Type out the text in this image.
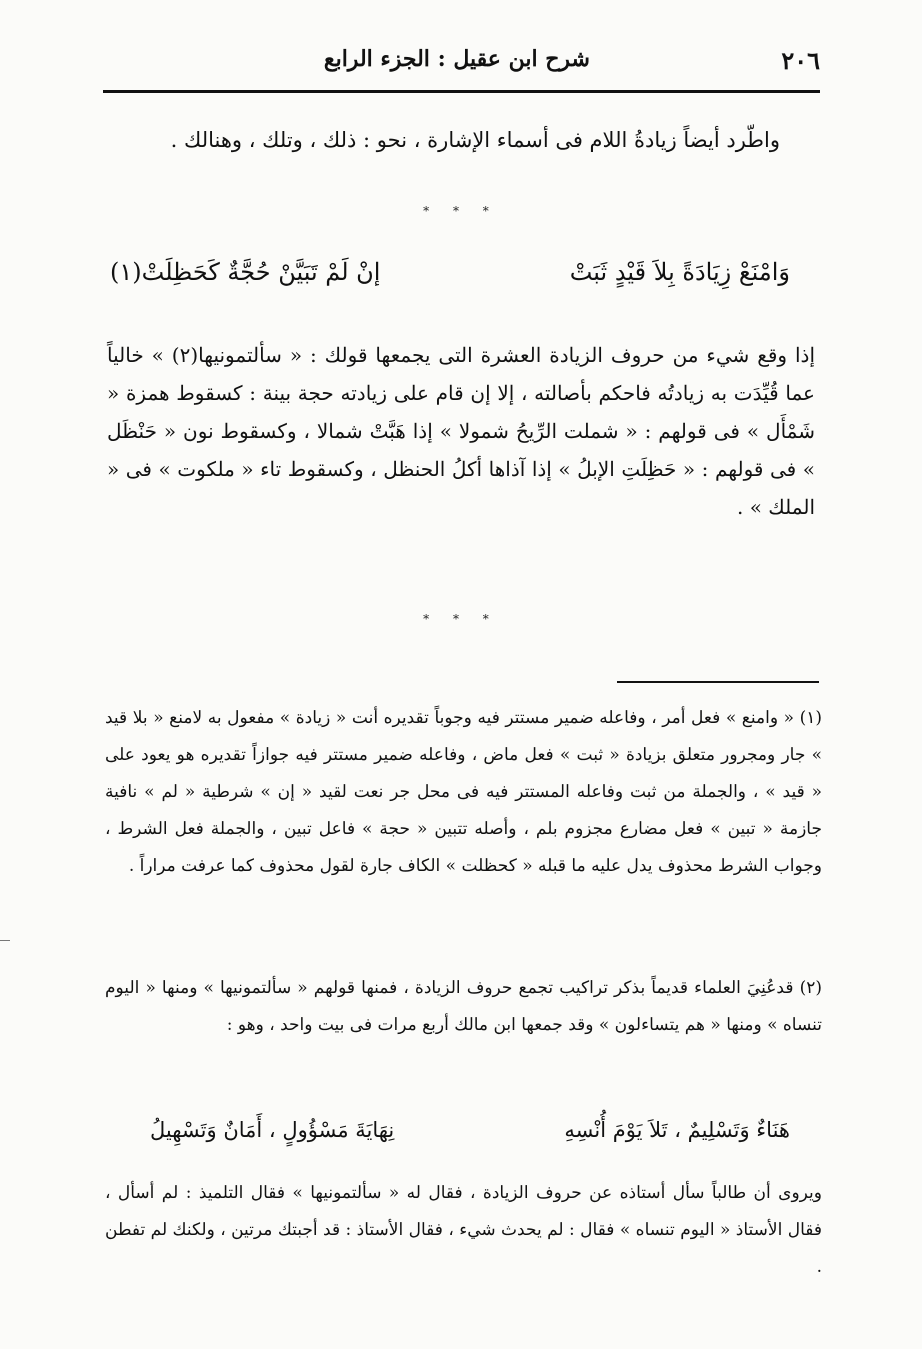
٢٠٦
شرح ابن عقيل : الجزء الرابع
واطّرد أيضاً زيادةُ اللام فى أسماء الإشارة ، نحو : ذلك ، وتلك ، وهنالك .
* * *
وَامْنَعْ زِيَادَةً بِلاَ قَيْدٍ ثَبَتْ
إنْ لَمْ تَبَيَّنْ حُجَّةٌ كَحَظِلَتْ(١)
إذا وقع شيء من حروف الزيادة العشرة التى يجمعها قولك : « سألتمونيها(٢) » خالياً عما قُيِّدَت به زيادتُه فاحكم بأصالته ، إلا إن قام على زيادته حجة بينة : كسقوط همزة « شَمْأَل » فى قولهم : « شملت الرِّيحُ شمولا » إذا هَبَّتْ شمالا ، وكسقوط نون « حَنْظَل » فى قولهم : « حَظِلَتِ الإبلُ » إذا آذاها أكلُ الحنظل ، وكسقوط تاء « ملكوت » فى « الملك » .
* * *
(١) « وامنع » فعل أمر ، وفاعله ضمير مستتر فيه وجوباً تقديره أنت « زيادة » مفعول به لامنع « بلا قيد » جار ومجرور متعلق بزيادة « ثبت » فعل ماض ، وفاعله ضمير مستتر فيه جوازاً تقديره هو يعود على « قيد » ، والجملة من ثبت وفاعله المستتر فيه فى محل جر نعت لقيد « إن » شرطية « لم » نافية جازمة « تبين » فعل مضارع مجزوم بلم ، وأصله تتبين « حجة » فاعل تبين ، والجملة فعل الشرط ، وجواب الشرط محذوف يدل عليه ما قبله « كحظلت » الكاف جارة لقول محذوف كما عرفت مراراً .
(٢) قدعُنِيَ العلماء قديماً بذكر تراكيب تجمع حروف الزيادة ، فمنها قولهم « سألتمونيها » ومنها « اليوم تنساه » ومنها « هم يتساءلون » وقد جمعها ابن مالك أربع مرات فى بيت واحد ، وهو :
هَنَاءٌ وَتَسْلِيمٌ ، تَلاَ يَوْمَ أُنْسِهِ
نِهَايَةَ مَسْؤُولٍ ، أَمَانٌ وَتَسْهِيلُ
ويروى أن طالباً سأل أستاذه عن حروف الزيادة ، فقال له « سألتمونيها » فقال التلميذ : لم أسأل ، فقال الأستاذ « اليوم تنساه » فقال : لم يحدث شيء ، فقال الأستاذ : قد أجبتك مرتين ، ولكنك لم تفطن .
